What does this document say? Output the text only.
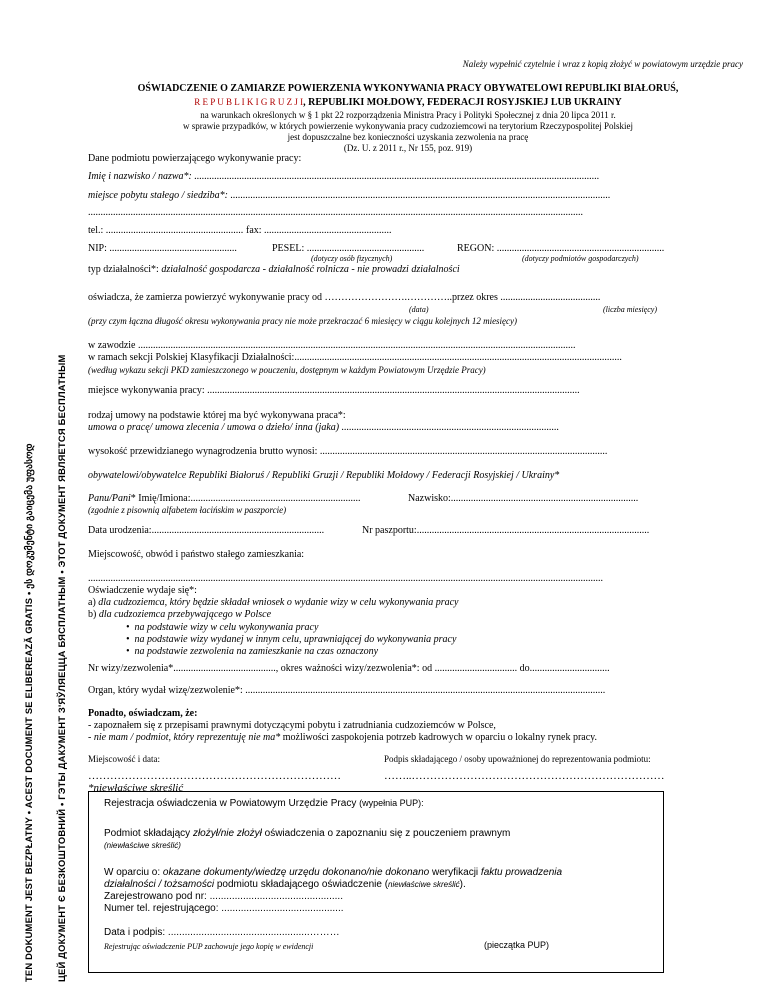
TEN DOKUMENT JEST BEZPŁATNY • ACEST DOCUMENT SE ELIBEREAZĂ GRATIS • ეს დოკუმენტი გაიცემა უფასოდ ЦЕЙ ДОКУМЕНТ Є БЕЗКОШТОВНИЙ • ГЭТЫ ДАКУМЕНТ З'ЯЎЛЯЕЦЦА БЯСПЛАТНЫМ • ЭТОТ ДОКУМЕНТ ЯВЛЯЕТСЯ БЕСПЛАТНЫМ
Należy wypełnić czytelnie i wraz z kopią złożyć w powiatowym urzędzie pracy
OŚWIADCZENIE O ZAMIARZE POWIERZENIA WYKONYWANIA PRACY OBYWATELOWI REPUBLIKI BIAŁORUŚ,
R E P U B L I K I G R U Z J I, REPUBLIKI MOŁDOWY, FEDERACJI ROSYJSKIEJ LUB UKRAINY
na warunkach określonych w § 1 pkt 22 rozporządzenia Ministra Pracy i Polityki Społecznej z dnia 20 lipca 2011 r.
w sprawie przypadków, w których powierzenie wykonywania pracy cudzoziemcowi na terytorium Rzeczypospolitej Polskiej
jest dopuszczalne bez konieczności uzyskania zezwolenia na pracę
(Dz. U. z 2011 r., Nr 155, poz. 919)
Dane podmiotu powierzającego wykonywanie pracy:
Imię i nazwisko / nazwa*: ..................................................................................................................................................................
miejsce pobytu stałego / siedziba*: ........................................................................................................................................................
......................................................................................................................................................................................................
tel.: ....................................................... fax: ...................................................
NIP: ...................................................	PESEL: ...............................................	REGON: ...................................................................
(dotyczy osób fizycznych)	(dotyczy podmiotów gospodarczych)
typ działalności*: działalność gospodarcza - działalność rolnicza - nie prowadzi działalności
oświadcza, że zamierza powierzyć wykonywanie pracy od …………………….…………..przez okres ........................................
(data)	(liczba miesięcy)
(przy czym łączna długość okresu wykonywania pracy nie może przekraczać 6 miesięcy w ciągu kolejnych 12 miesięcy)
w zawodzie ...............................................................................................................................................................................
w ramach sekcji Polskiej Klasyfikacji Działalności:...................................................................................................................................
(według wykazu sekcji PKD zamieszczonego w pouczeniu, dostępnym w każdym Powiatowym Urzędzie Pracy)
miejsce wykonywania pracy: .....................................................................................................................................................
rodzaj umowy na podstawie której ma być wykonywana praca*:
umowa o pracę/ umowa zlecenia / umowa o dzieło/ inna (jaka) .......................................................................................
wysokość przewidzianego wynagrodzenia brutto wynosi: ...................................................................................................................
obywatelowi/obywatelce Republiki Białoruś / Republiki Gruzji / Republiki Mołdowy / Federacji Rosyjskiej / Ukrainy*
Panu/Pani* Imię/Imiona:....................................................................	Nazwisko:...........................................................................
(zgodnie z pisownią alfabetem łacińskim w paszporcie)
Data urodzenia:.....................................................................	Nr paszportu:.............................................................................................
Miejscowość, obwód i państwo stałego zamieszkania:
..............................................................................................................................................................................................................
Oświadczenie wydaje się*:
a) dla cudzoziemca, który będzie składał wniosek o wydanie wizy w celu wykonywania pracy
b) dla cudzoziemca przebywającego w Polsce
•  na podstawie wizy w celu wykonywania pracy
•  na podstawie wizy wydanej w innym celu, uprawniającej do wykonywania pracy
•  na podstawie zezwolenia na zamieszkanie na czas oznaczony
Nr wizy/zezwolenia*........................................., okres ważności wizy/zezwolenia*: od ................................. do................................
Organ, który wydał wizę/zezwolenie*: ................................................................................................................................................
Ponadto, oświadczam, że:
- zapoznałem się z przepisami prawnymi dotyczącymi pobytu i zatrudniania cudzoziemców w Polsce,
- nie mam / podmiot, który reprezentuję nie ma* możliwości zaspokojenia potrzeb kadrowych w oparciu o lokalny rynek pracy.
Miejscowość i data:	Podpis składającego / osoby upoważnionej do reprezentowania podmiotu:
……………………………………………………………	……..……………………………………………………………
*niewłaściwe skreślić
Rejestracja oświadczenia w Powiatowym Urzędzie Pracy (wypełnia PUP):
Podmiot składający złożył/nie złożył oświadczenia o zapoznaniu się z pouczeniem prawnym
(niewłaściwe skreślić)
W oparciu o: okazane dokumenty/wiedzę urzędu dokonano/nie dokonano weryfikacji faktu prowadzenia
działalności / tożsamości podmiotu składającego oświadczenie (niewłaściwe skreślić).
Zarejestrowano pod nr: ................................................
Numer tel. rejestrującego: ............................................
Data i podpis: ...................................................………
Rejestrując oświadczenie PUP zachowuje jego kopię w ewidencji	(pieczątka PUP)
